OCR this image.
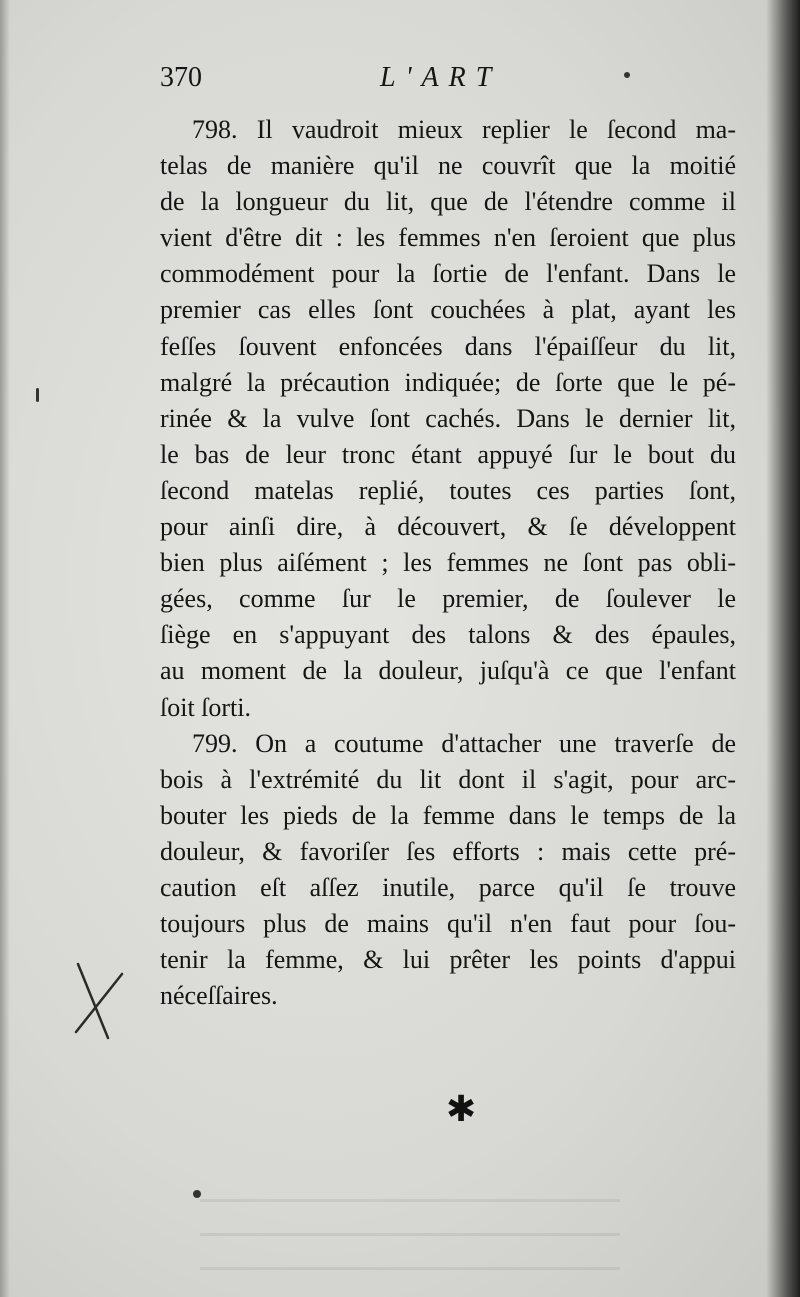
370	L'ART
798. Il vaudroit mieux replier le ſecond ma-
telas de manière qu'il ne couvrît que la moitié
de la longueur du lit, que de l'étendre comme il
vient d'être dit : les femmes n'en ſeroient que plus
commodément pour la ſortie de l'enfant. Dans le
premier cas elles ſont couchées à plat, ayant les
feſſes ſouvent enfoncées dans l'épaiſſeur du lit,
malgré la précaution indiquée; de ſorte que le pé-
rinée & la vulve ſont cachés. Dans le dernier lit,
le bas de leur tronc étant appuyé ſur le bout du
ſecond matelas replié, toutes ces parties ſont,
pour ainſi dire, à découvert, & ſe développent
bien plus aiſément ; les femmes ne ſont pas obli-
gées, comme ſur le premier, de ſoulever le
ſiège en s'appuyant des talons & des épaules,
au moment de la douleur, juſqu'à ce que l'enfant
ſoit ſorti.
799. On a coutume d'attacher une traverſe de
bois à l'extrémité du lit dont il s'agit, pour arc-
bouter les pieds de la femme dans le temps de la
douleur, & favoriſer ſes efforts : mais cette pré-
caution eſt aſſez inutile, parce qu'il ſe trouve
toujours plus de mains qu'il n'en faut pour ſou-
tenir la femme, & lui prêter les points d'appui
néceſſaires.
✱
